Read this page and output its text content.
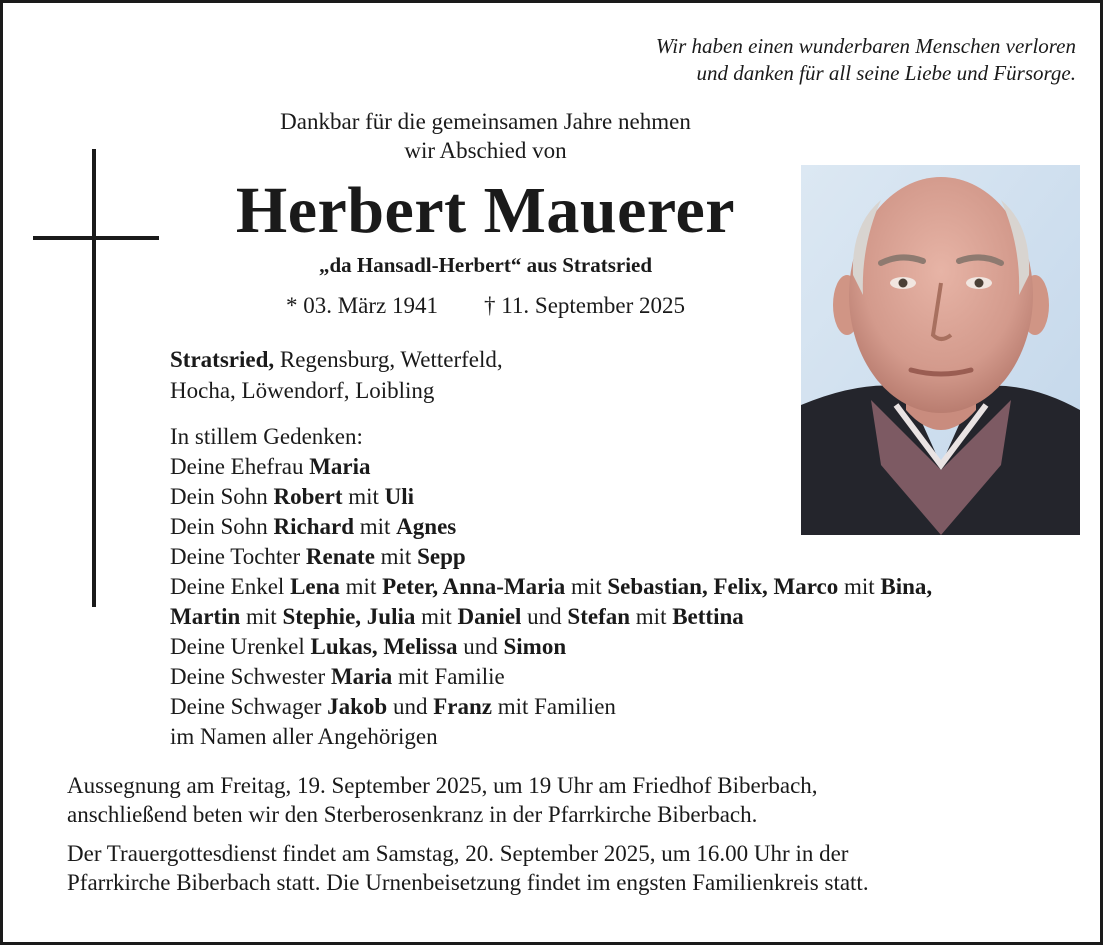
Wir haben einen wunderbaren Menschen verloren
und danken für all seine Liebe und Fürsorge.
Dankbar für die gemeinsamen Jahre nehmen
wir Abschied von
Herbert Mauerer
„da Hansadl-Herbert“ aus Stratsried
* 03. März 1941 † 11. September 2025
Stratsried, Regensburg, Wetterfeld,
Hocha, Löwendorf, Loibling
In stillem Gedenken:
Deine Ehefrau Maria
Dein Sohn Robert mit Uli
Dein Sohn Richard mit Agnes
Deine Tochter Renate mit Sepp
Deine Enkel Lena mit Peter, Anna-Maria mit Sebastian, Felix, Marco mit Bina,
Martin mit Stephie, Julia mit Daniel und Stefan mit Bettina
Deine Urenkel Lukas, Melissa und Simon
Deine Schwester Maria mit Familie
Deine Schwager Jakob und Franz mit Familien
im Namen aller Angehörigen

Aussegnung am Freitag, 19. September 2025, um 19 Uhr am Friedhof Biberbach,
anschließend beten wir den Sterberosenkranz in der Pfarrkirche Biberbach.

Der Trauergottesdienst findet am Samstag, 20. September 2025, um 16.00 Uhr in der
Pfarrkirche Biberbach statt. Die Urnenbeisetzung findet im engsten Familienkreis statt.
